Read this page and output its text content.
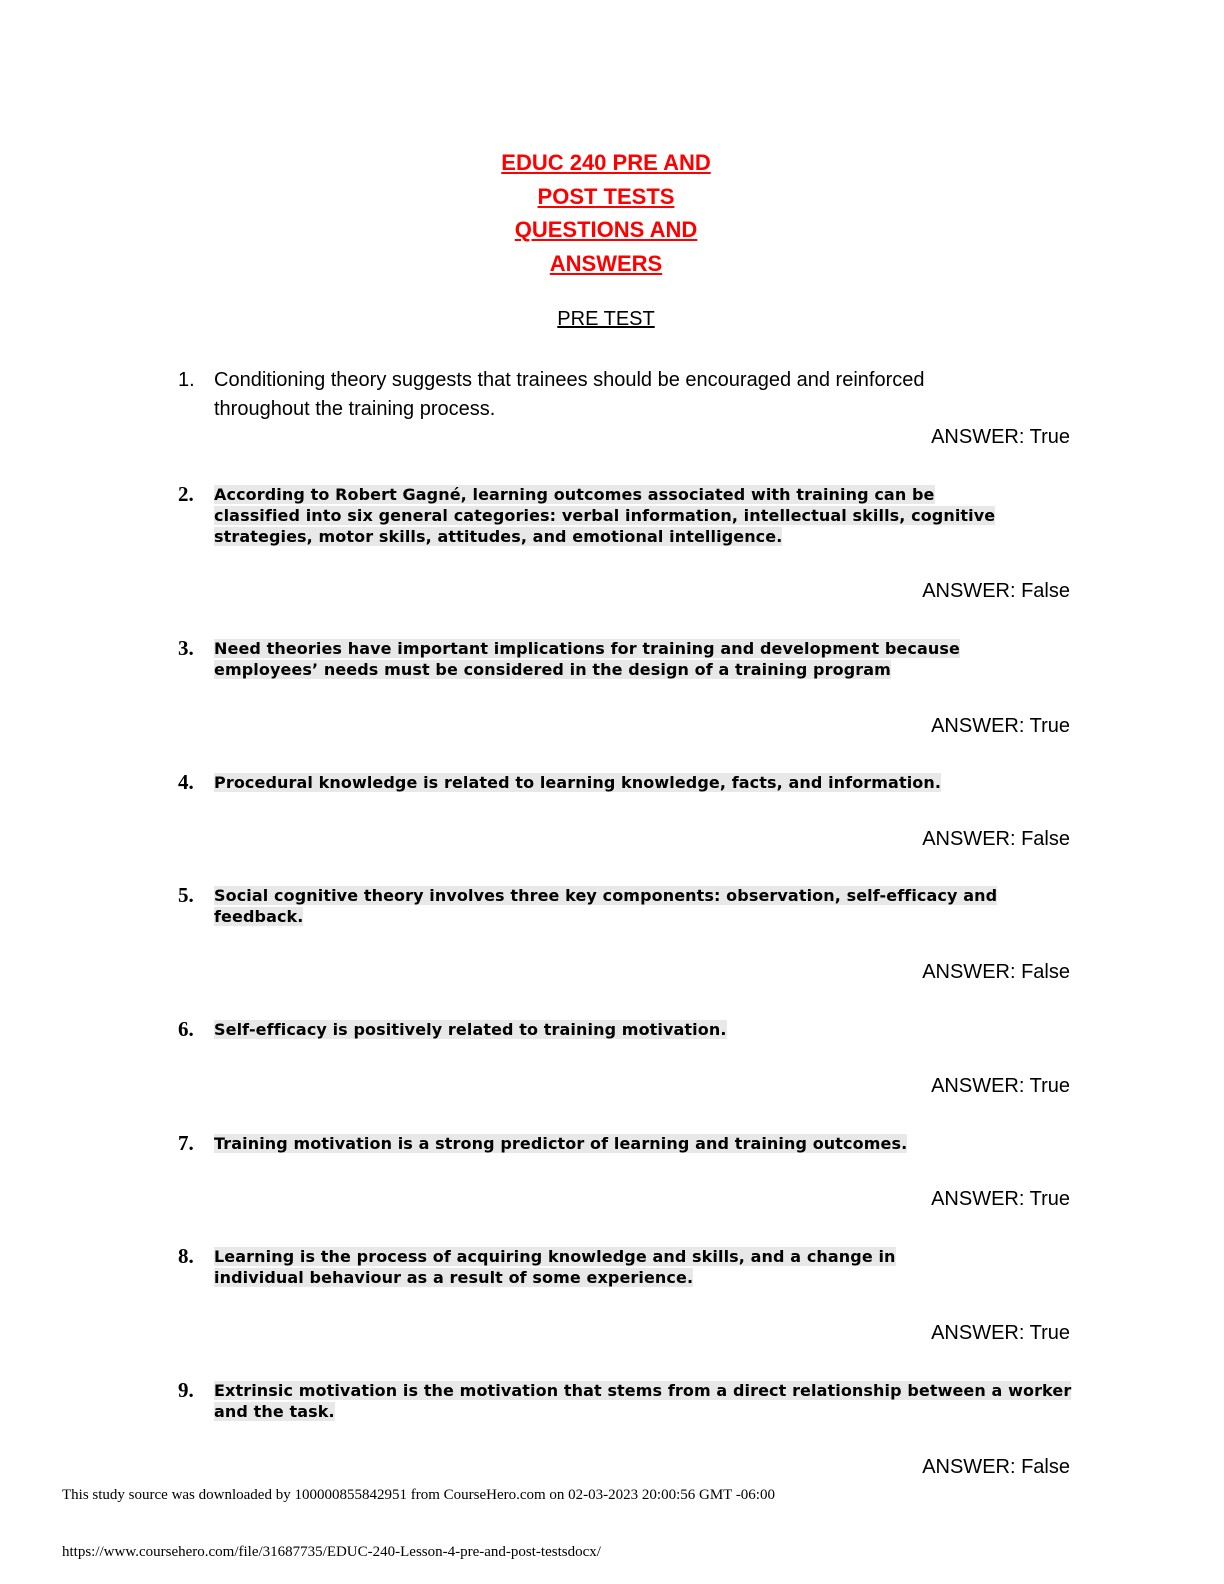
EDUC 240 PRE AND
POST TESTS
QUESTIONS AND
ANSWERS
PRE TEST
1. Conditioning theory suggests that trainees should be encouraged and reinforced throughout the training process.
ANSWER: True
2. According to Robert Gagné, learning outcomes associated with training can be classified into six general categories: verbal information, intellectual skills, cognitive strategies, motor skills, attitudes, and emotional intelligence.
ANSWER: False
3. Need theories have important implications for training and development because employees’ needs must be considered in the design of a training program
ANSWER: True
4. Procedural knowledge is related to learning knowledge, facts, and information.
ANSWER: False
5. Social cognitive theory involves three key components: observation, self-efficacy and feedback.
ANSWER: False
6. Self-efficacy is positively related to training motivation.
ANSWER: True
7. Training motivation is a strong predictor of learning and training outcomes.
ANSWER: True
8. Learning is the process of acquiring knowledge and skills, and a change in individual behaviour as a result of some experience.
ANSWER: True
9. Extrinsic motivation is the motivation that stems from a direct relationship between a worker and the task.
ANSWER: False
This study source was downloaded by 100000855842951 from CourseHero.com on 02-03-2023 20:00:56 GMT -06:00
https://www.coursehero.com/file/31687735/EDUC-240-Lesson-4-pre-and-post-testsdocx/
